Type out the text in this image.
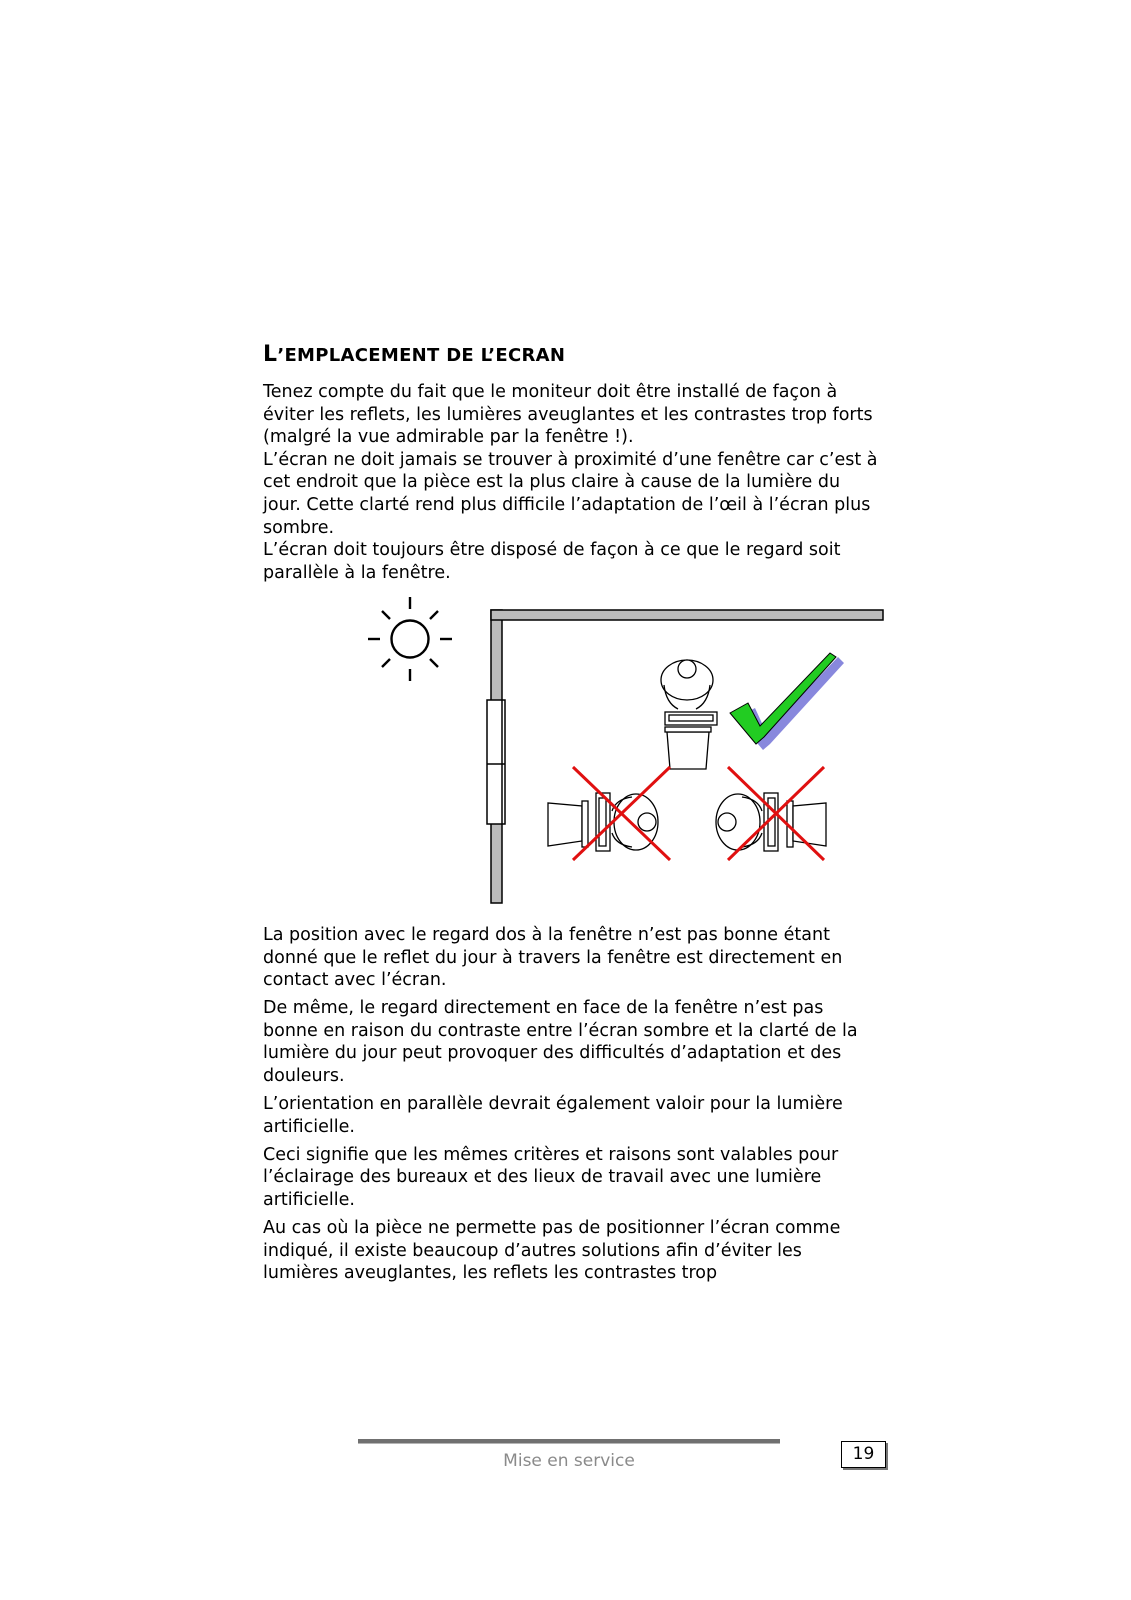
L’EMPLACEMENT DE L’ECRAN

Tenez compte du fait que le moniteur doit être installé de façon à éviter les reflets, les lumières aveuglantes et les contrastes trop forts (malgré la vue admirable par la fenêtre !).

L’écran ne doit jamais se trouver à proximité d’une fenêtre car c’est à cet endroit que la pièce est la plus claire à cause de la lumière du jour. Cette clarté rend plus difficile l’adaptation de l’œil à l’écran plus sombre.

L’écran doit toujours être disposé de façon à ce que le regard soit parallèle à la fenêtre.

La position avec le regard dos à la fenêtre n’est pas bonne étant donné que le reflet du jour à travers la fenêtre est directement en contact avec l’écran.

De même, le regard directement en face de la fenêtre n’est pas bonne en raison du contraste entre l’écran sombre et la clarté de la lumière du jour peut provoquer des difficultés d’adaptation et des douleurs.

L’orientation en parallèle devrait également valoir pour la lumière artificielle.

Ceci signifie que les mêmes critères et raisons sont valables pour l’éclairage des bureaux et des lieux de travail avec une lumière artificielle.

Au cas où la pièce ne permette pas de positionner l’écran comme indiqué, il existe beaucoup d’autres solutions afin d’éviter les lumières aveuglantes, les reflets les contrastes trop

Mise en service	19
